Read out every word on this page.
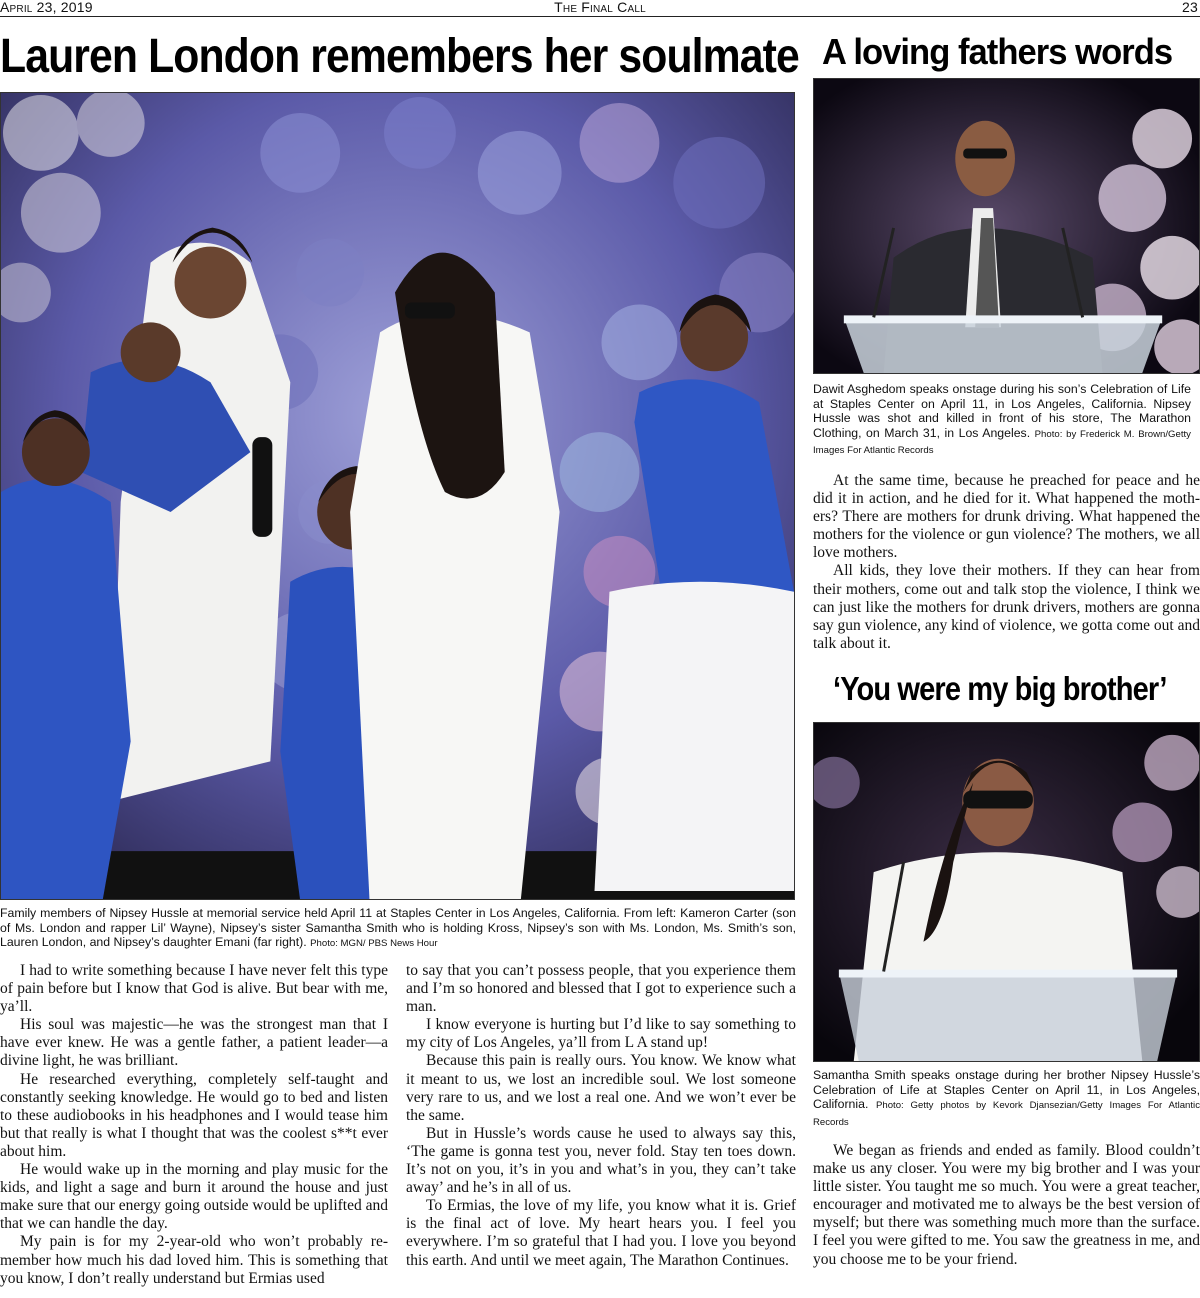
April 23, 2019	The Final Call	23
Lauren London remembers her soulmate A loving fathers words
‘You were my big brother’
Family members of Nipsey Hussle at memorial service held April 11 at Staples Center in Los Angeles, California. From left: Kameron Carter (son of Ms. London and rapper Lil’ Wayne), Nipsey’s sister Samantha Smith who is holding Kross, Nipsey’s son with Ms. London, Ms. Smith’s son, Lauren London, and Nipsey’s daughter Emani (far right). Photo: MGN/ PBS News Hour
Dawit Asghedom speaks onstage during his son’s Celebration of Life at Staples Center on April 11, in Los Angeles, California. Nipsey Hussle was shot and killed in front of his store, The Marathon Clothing, on March 31, in Los Angeles. Photo: by Frederick M. Brown/Getty Images For Atlantic Records

At the same time, because he preached for peace and he did it in action, and he died for it. What happened the mothers? There are mothers for drunk driving. What happened the mothers for the violence or gun violence? The mothers, we all love mothers.

All kids, they love their mothers. If they can hear from their mothers, come out and talk stop the violence, I think we can just like the mothers for drunk drivers, mothers are gonna say gun violence, any kind of violence, we gotta come out and talk about it.

Samantha Smith speaks onstage during her brother Nipsey Hussle’s Celebration of Life at Staples Center on April 11, in Los Angeles, California. Photo: Getty photos by Kevork Djansezian/Getty Images For Atlantic Records

We began as friends and ended as family. Blood couldn’t make us any closer. You were my big brother and I was your little sister. You taught me so much. You were a great teacher, encourager and motivated me to always be the best version of myself; but there was something much more than the surface. I feel you were gifted to me. You saw the greatness in me, and you choose me to be your friend.

I had to write something because I have never felt this type of pain before but I know that God is alive. But bear with me, ya’ll.

His soul was majestic—he was the strongest man that I have ever knew. He was a gentle father, a patient leader—a divine light, he was brilliant.

He researched everything, completely self-taught and constantly seeking knowledge. He would go to bed and listen to these audiobooks in his headphones and I would tease him but that really is what I thought that was the coolest s**t ever about him.

He would wake up in the morning and play music for the kids, and light a sage and burn it around the house and just make sure that our energy going outside would be uplifted and that we can handle the day.

My pain is for my 2-year-old who won’t probably remember how much his dad loved him. This is something that you know, I don’t really understand but Ermias used

to say that you can’t possess people, that you experience them and I’m so honored and blessed that I got to experience such a man.

I know everyone is hurting but I’d like to say something to my city of Los Angeles, ya’ll from L A stand up!

Because this pain is really ours. You know. We know what it meant to us, we lost an incredible soul. We lost someone very rare to us, and we lost a real one. And we won’t ever be the same.

But in Hussle’s words cause he used to always say this, ‘The game is gonna test you, never fold. Stay ten toes down. It’s not on you, it’s in you and what’s in you, they can’t take away’ and he’s in all of us.

To Ermias, the love of my life, you know what it is. Grief is the final act of love. My heart hears you. I feel you everywhere. I’m so grateful that I had you. I love you beyond this earth. And until we meet again, The Marathon Continues.
